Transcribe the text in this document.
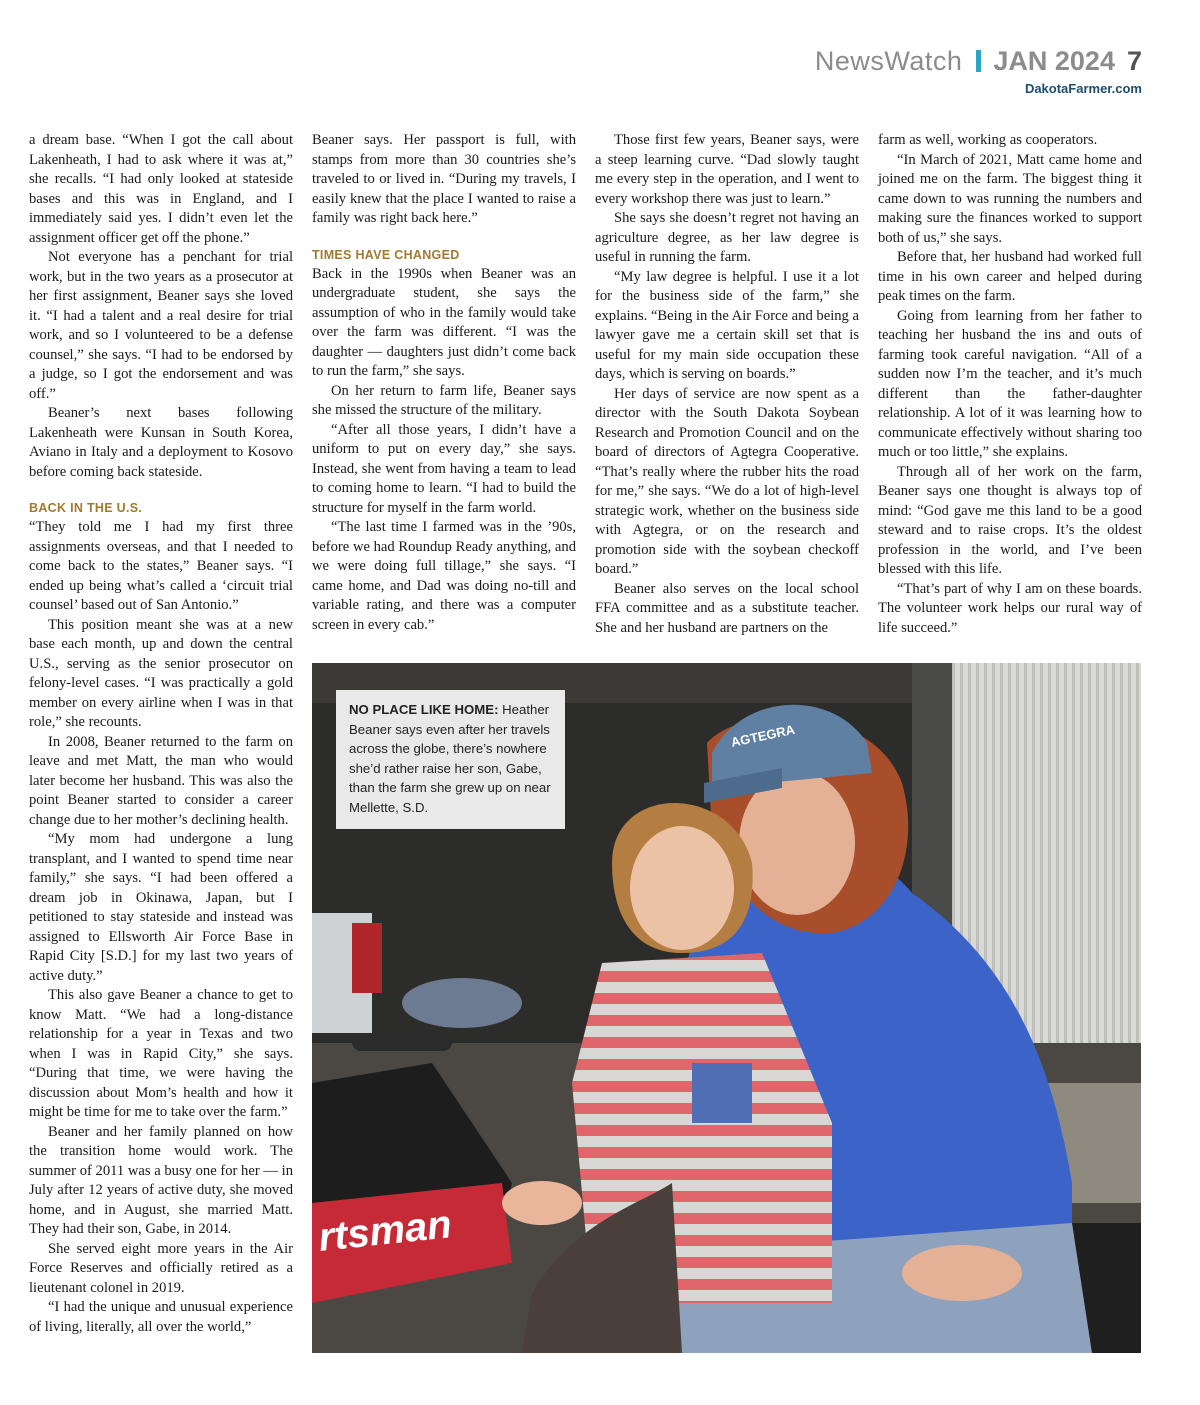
NewsWatch JAN 2024 7
DakotaFarmer.com

a dream base. “When I got the call about Lakenheath, I had to ask where it was at,” she recalls. “I had only looked at stateside bases and this was in England, and I immediately said yes. I didn’t even let the assignment officer get off the phone.”

Not everyone has a penchant for trial work, but in the two years as a prosecutor at her first assignment, Beaner says she loved it. “I had a talent and a real desire for trial work, and so I volunteered to be a defense counsel,” she says. “I had to be endorsed by a judge, so I got the endorsement and was off.”

Beaner’s next bases following Lakenheath were Kunsan in South Korea, Aviano in Italy and a deployment to Kosovo before coming back stateside.

BACK IN THE U.S.

“They told me I had my first three assignments overseas, and that I needed to come back to the states,” Beaner says. “I ended up being what’s called a ‘circuit trial counsel’ based out of San Antonio.”

This position meant she was at a new base each month, up and down the central U.S., serving as the senior prosecutor on felony-level cases. “I was practically a gold member on every airline when I was in that role,” she recounts.

In 2008, Beaner returned to the farm on leave and met Matt, the man who would later become her husband. This was also the point Beaner started to consider a career change due to her mother’s declining health.

“My mom had undergone a lung transplant, and I wanted to spend time near family,” she says. “I had been offered a dream job in Okinawa, Japan, but I petitioned to stay stateside and instead was assigned to Ellsworth Air Force Base in Rapid City [S.D.] for my last two years of active duty.”

This also gave Beaner a chance to get to know Matt. “We had a long-distance relationship for a year in Texas and two when I was in Rapid City,” she says. “During that time, we were having the discussion about Mom’s health and how it might be time for me to take over the farm.”

Beaner and her family planned on how the transition home would work. The summer of 2011 was a busy one for her — in July after 12 years of active duty, she moved home, and in August, she married Matt. They had their son, Gabe, in 2014.

She served eight more years in the Air Force Reserves and officially retired as a lieutenant colonel in 2019.

“I had the unique and unusual experience of living, literally, all over the world,”

Beaner says. Her passport is full, with stamps from more than 30 countries she’s traveled to or lived in. “During my travels, I easily knew that the place I wanted to raise a family was right back here.”

TIMES HAVE CHANGED

Back in the 1990s when Beaner was an undergraduate student, she says the assumption of who in the family would take over the farm was different. “I was the daughter — daughters just didn’t come back to run the farm,” she says.

On her return to farm life, Beaner says she missed the structure of the military.

“After all those years, I didn’t have a uniform to put on every day,” she says. Instead, she went from having a team to lead to coming home to learn. “I had to build the structure for myself in the farm world.

“The last time I farmed was in the ’90s, before we had Roundup Ready anything, and we were doing full tillage,” she says. “I came home, and Dad was doing no-till and variable rating, and there was a computer screen in every cab.”

Those first few years, Beaner says, were a steep learning curve. “Dad slowly taught me every step in the operation, and I went to every workshop there was just to learn.”

She says she doesn’t regret not having an agriculture degree, as her law degree is useful in running the farm.

“My law degree is helpful. I use it a lot for the business side of the farm,” she explains. “Being in the Air Force and being a lawyer gave me a certain skill set that is useful for my main side occupation these days, which is serving on boards.”

Her days of service are now spent as a director with the South Dakota Soybean Research and Promotion Council and on the board of directors of Agtegra Cooperative. “That’s really where the rubber hits the road for me,” she says. “We do a lot of high-level strategic work, whether on the business side with Agtegra, or on the research and promotion side with the soybean checkoff board.”

Beaner also serves on the local school FFA committee and as a substitute teacher. She and her husband are partners on the

farm as well, working as cooperators.

“In March of 2021, Matt came home and joined me on the farm. The biggest thing it came down to was running the numbers and making sure the finances worked to support both of us,” she says.

Before that, her husband had worked full time in his own career and helped during peak times on the farm.

Going from learning from her father to teaching her husband the ins and outs of farming took careful navigation. “All of a sudden now I’m the teacher, and it’s much different than the father-daughter relationship. A lot of it was learning how to communicate effectively without sharing too much or too little,” she explains.

Through all of her work on the farm, Beaner says one thought is always top of mind: “God gave me this land to be a good steward and to raise crops. It’s the oldest profession in the world, and I’ve been blessed with this life.

“That’s part of why I am on these boards. The volunteer work helps our rural way of life succeed.”

rtsman
AGTEGRA
NO PLACE LIKE HOME: Heather Beaner says even after her travels across the globe, there’s nowhere she’d rather raise her son, Gabe, than the farm she grew up on near Mellette, S.D.
